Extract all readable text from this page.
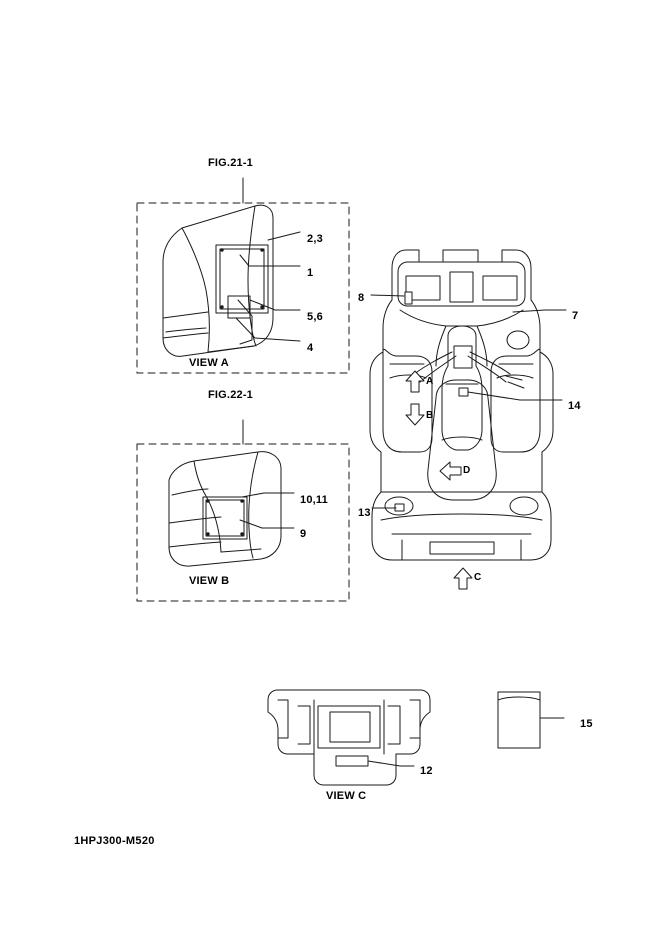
FIG.21-1
FIG.22-1
VIEW A
VIEW B
VIEW C
2,3
1
5,6
4
8
7
14
13
10,11
9
12
15
A
B
D
C
1HPJ300-M520
